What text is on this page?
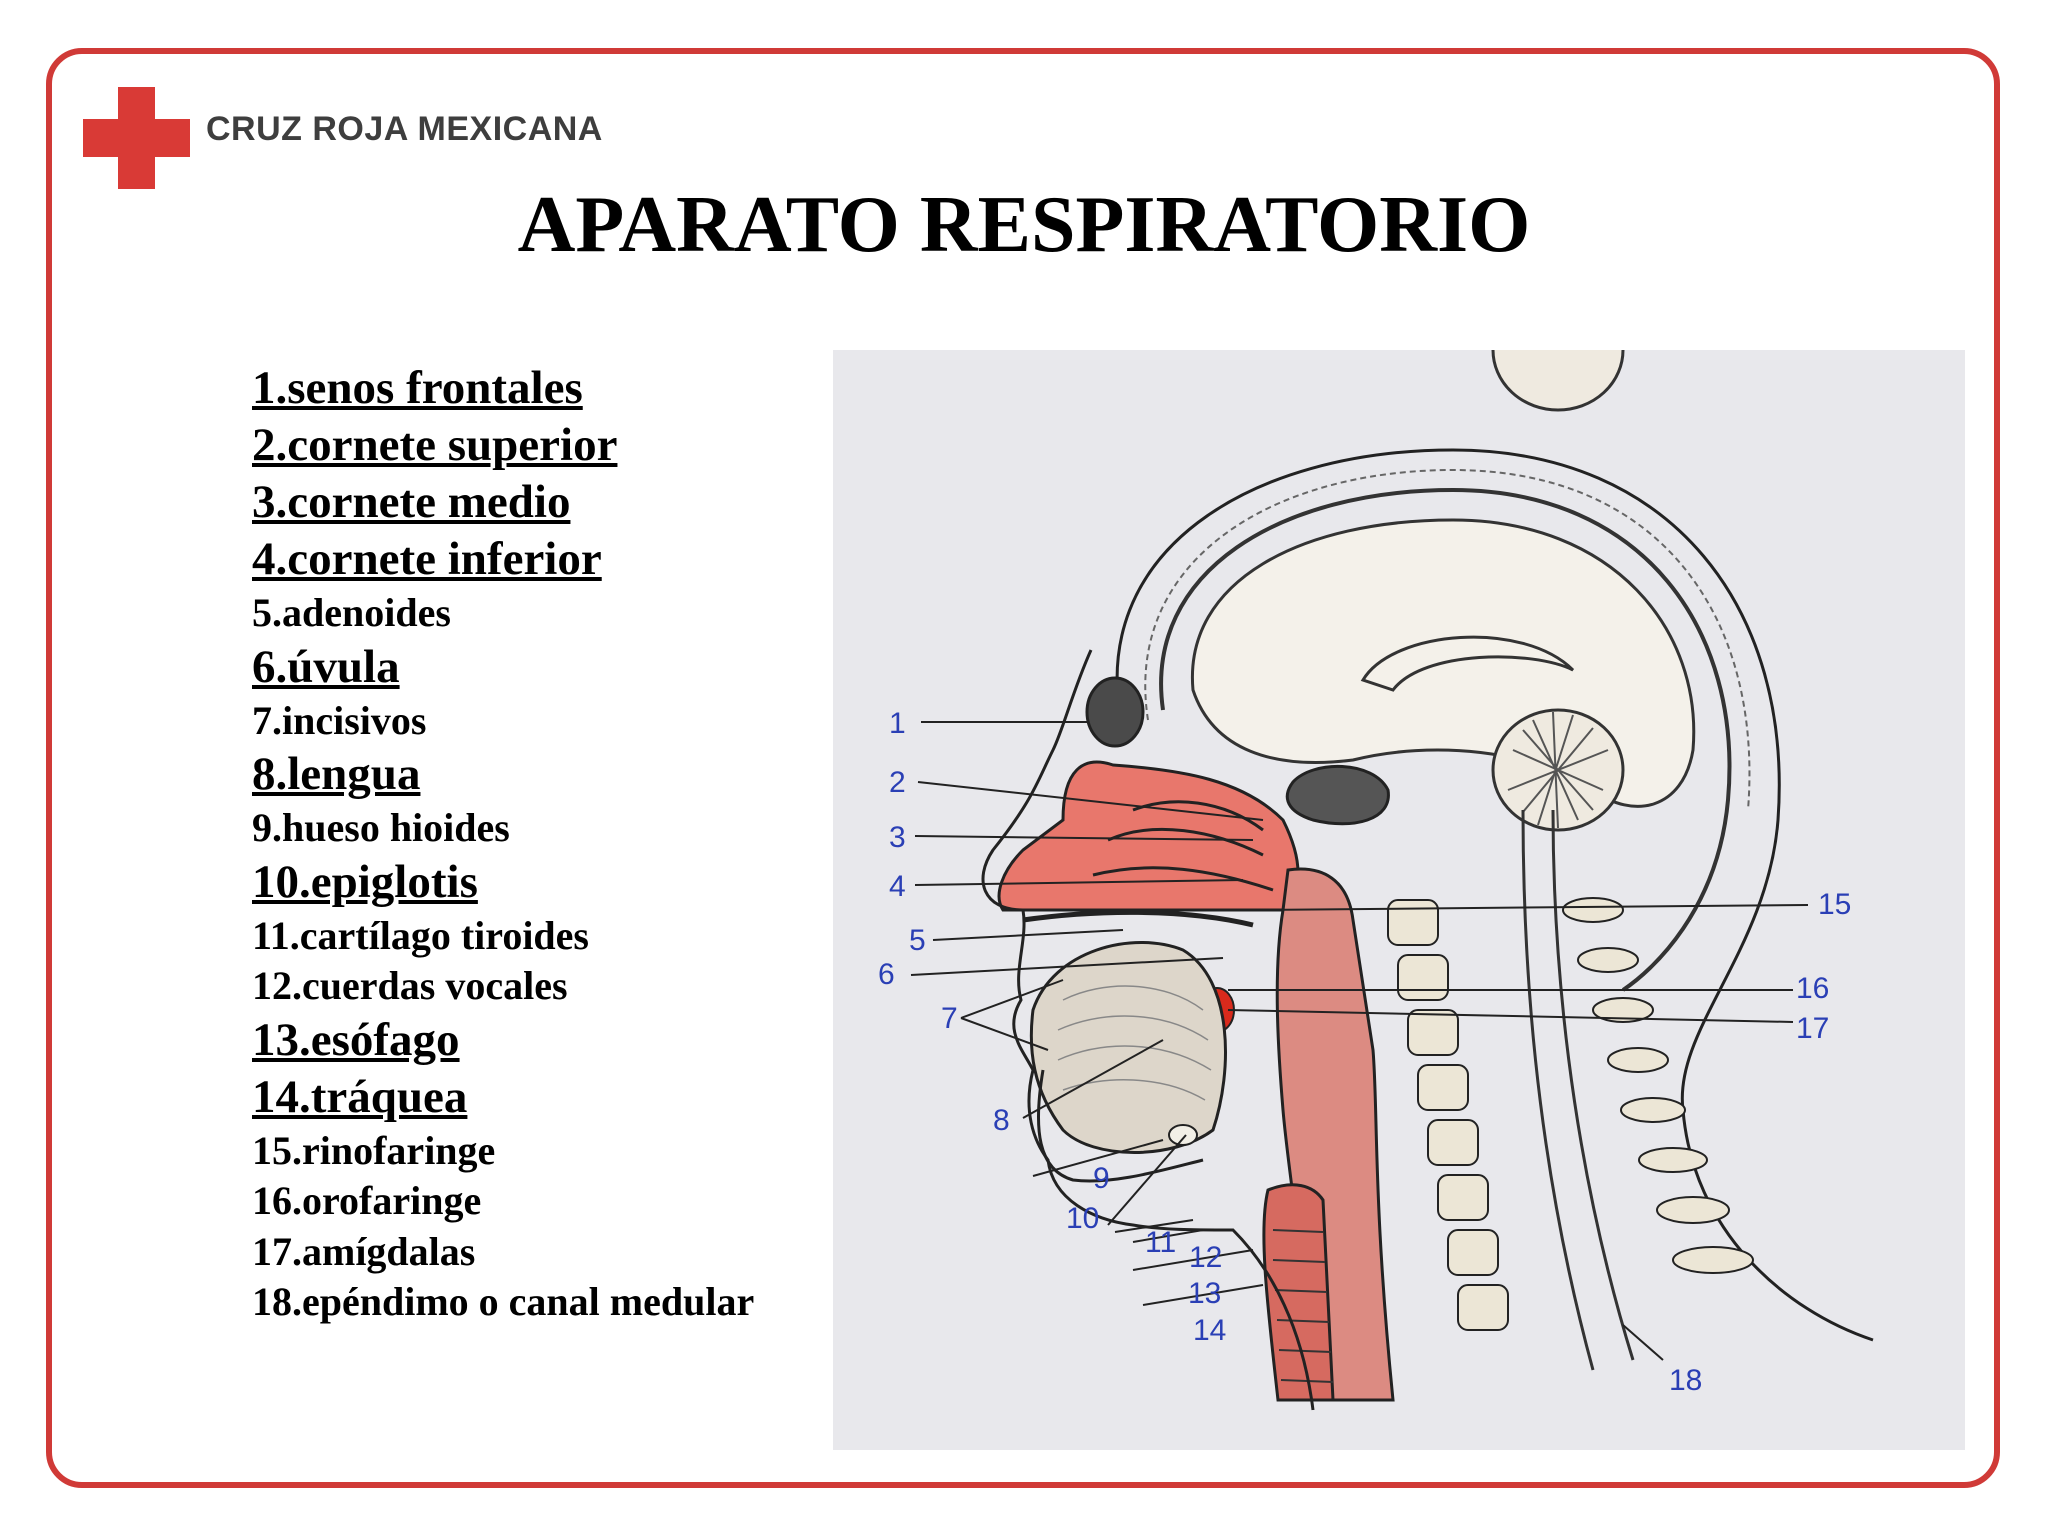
CRUZ ROJA MEXICANA
APARATO RESPIRATORIO
1.senos frontales
2.cornete superior
3.cornete medio
4.cornete inferior
5.adenoides
6.úvula
7.incisivos
8.lengua
9.hueso hioides
10.epiglotis
11.cartílago tiroides
12.cuerdas vocales
13.esófago
14.tráquea
15.rinofaringe
16.orofaringe
17.amígdalas
18.epéndimo o canal medular
1
2
3
4
5
6
7
8
9
10
11 12
13
14
15
16
17
18
